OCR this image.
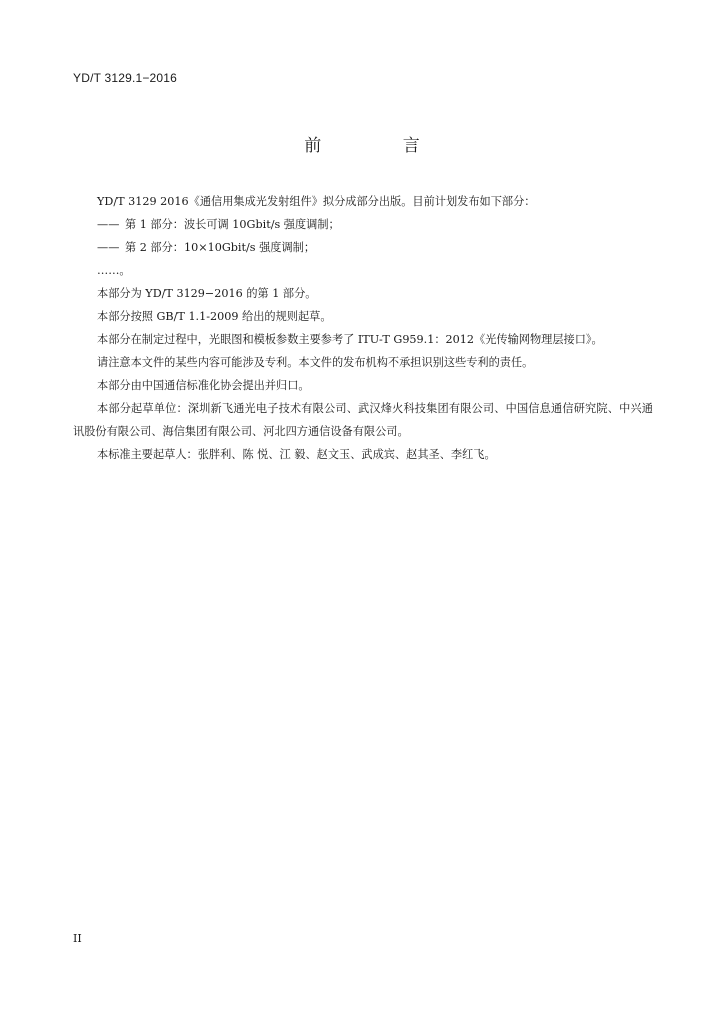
YD/T 3129.1−2016
前 言

YD/T 3129 2016《通信用集成光发射组件》拟分成部分出版。目前计划发布如下部分：

—— 第 1 部分：波长可调 10Gbit/s 强度调制；

—— 第 2 部分：10×10Gbit/s 强度调制；

……。

本部分为 YD/T 3129−2016 的第 1 部分。

本部分按照 GB/T 1.1-2009 给出的规则起草。

本部分在制定过程中，光眼图和模板参数主要参考了 ITU-T G959.1：2012《光传输网物理层接口》。

请注意本文件的某些内容可能涉及专利。本文件的发布机构不承担识别这些专利的责任。

本部分由中国通信标准化协会提出并归口。

本部分起草单位：深圳新飞通光电子技术有限公司、武汉烽火科技集团有限公司、中国信息通信研究院、中兴通讯股份有限公司、海信集团有限公司、河北四方通信设备有限公司。

本标准主要起草人：张胖利、陈 悦、江 毅、赵文玉、武成宾、赵其圣、李红飞。

II
